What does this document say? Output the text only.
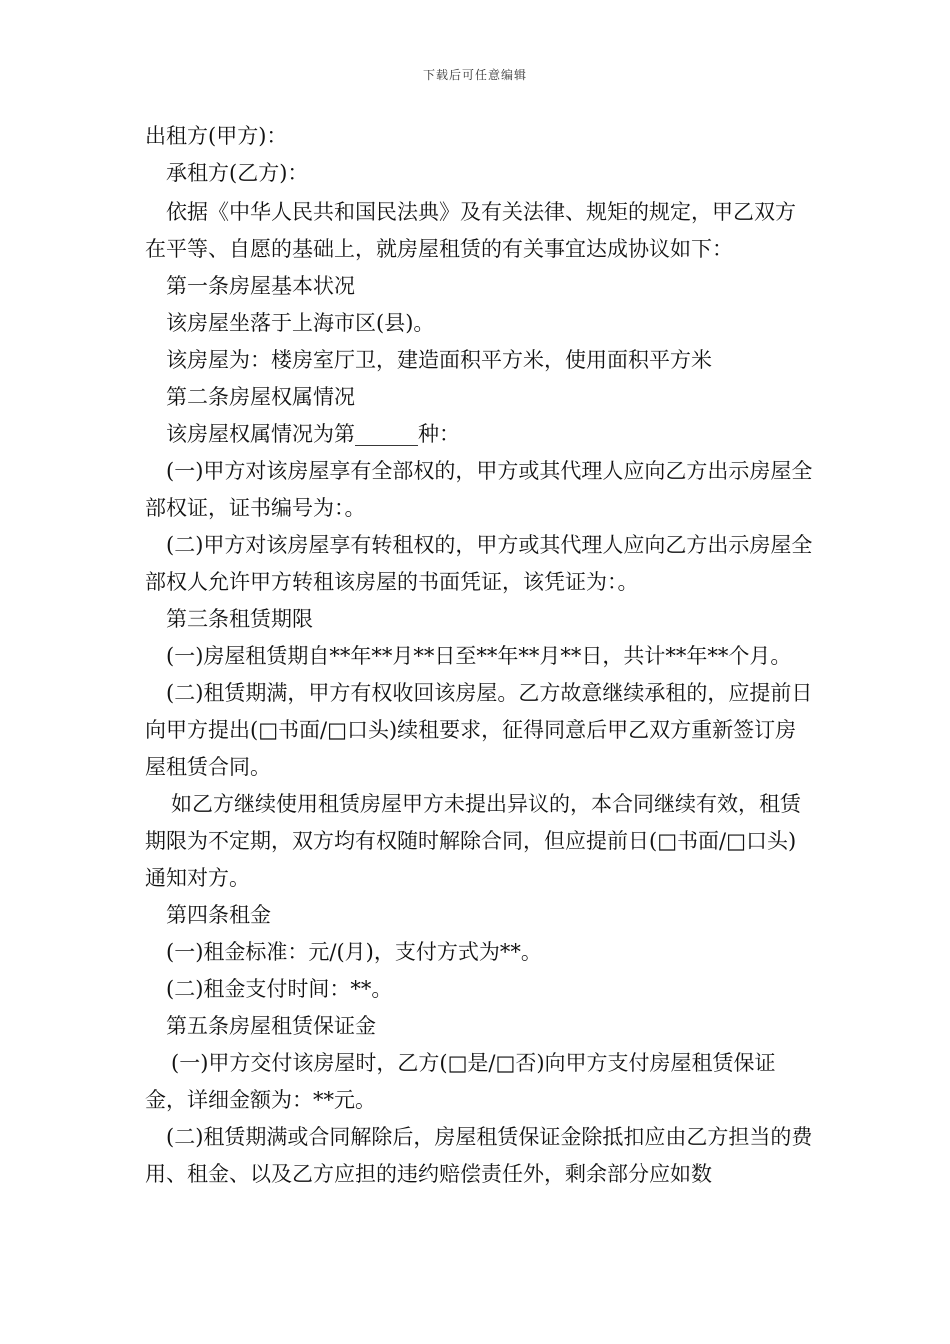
下载后可任意编辑

出租方(甲方)：

承租方(乙方)：

依据《中华人民共和国民法典》及有关法律、规矩的规定，甲乙双方在平等、自愿的基础上，就房屋租赁的有关事宜达成协议如下：

第一条房屋基本状况

该房屋坐落于上海市区(县)。

该房屋为：楼房室厅卫，建造面积平方米，使用面积平方米

第二条房屋权属情况

该房屋权属情况为第______种：

(一)甲方对该房屋享有全部权的，甲方或其代理人应向乙方出示房屋全部权证，证书编号为：。

(二)甲方对该房屋享有转租权的，甲方或其代理人应向乙方出示房屋全部权人允许甲方转租该房屋的书面凭证，该凭证为：。

第三条租赁期限

(一)房屋租赁期自**年**月**日至**年**月**日，共计**年**个月。

(二)租赁期满，甲方有权收回该房屋。乙方故意继续承租的，应提前日向甲方提出(□书面/□口头)续租要求，征得同意后甲乙双方重新签订房屋租赁合同。

如乙方继续使用租赁房屋甲方未提出异议的，本合同继续有效，租赁期限为不定期，双方均有权随时解除合同，但应提前日(□书面/□口头)通知对方。

第四条租金

(一)租金标准：元/(月)，支付方式为**。

(二)租金支付时间：**。

第五条房屋租赁保证金

(一)甲方交付该房屋时，乙方(□是/□否)向甲方支付房屋租赁保证金，详细金额为：**元。

(二)租赁期满或合同解除后，房屋租赁保证金除抵扣应由乙方担当的费用、租金、以及乙方应担的违约赔偿责任外，剩余部分应如数
